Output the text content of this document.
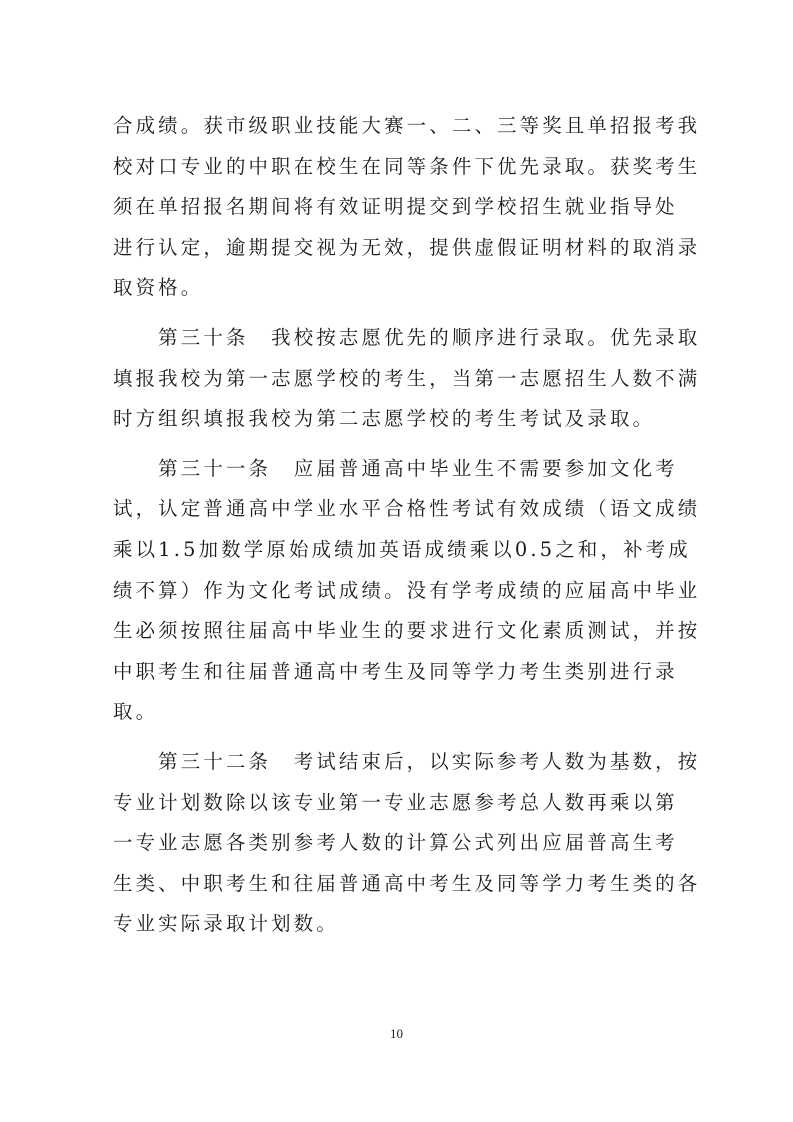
合成绩。获市级职业技能大赛一、二、三等奖且单招报考我
校对口专业的中职在校生在同等条件下优先录取。获奖考生
须在单招报名期间将有效证明提交到学校招生就业指导处
进行认定，逾期提交视为无效，提供虚假证明材料的取消录
取资格。
　　第三十条　我校按志愿优先的顺序进行录取。优先录取
填报我校为第一志愿学校的考生，当第一志愿招生人数不满
时方组织填报我校为第二志愿学校的考生考试及录取。
　　第三十一条　应届普通高中毕业生不需要参加文化考
试，认定普通高中学业水平合格性考试有效成绩（语文成绩
乘以1.5加数学原始成绩加英语成绩乘以0.5之和，补考成
绩不算）作为文化考试成绩。没有学考成绩的应届高中毕业
生必须按照往届高中毕业生的要求进行文化素质测试，并按
中职考生和往届普通高中考生及同等学力考生类别进行录
取。
　　第三十二条　考试结束后，以实际参考人数为基数，按
专业计划数除以该专业第一专业志愿参考总人数再乘以第
一专业志愿各类别参考人数的计算公式列出应届普高生考
生类、中职考生和往届普通高中考生及同等学力考生类的各
专业实际录取计划数。
10
